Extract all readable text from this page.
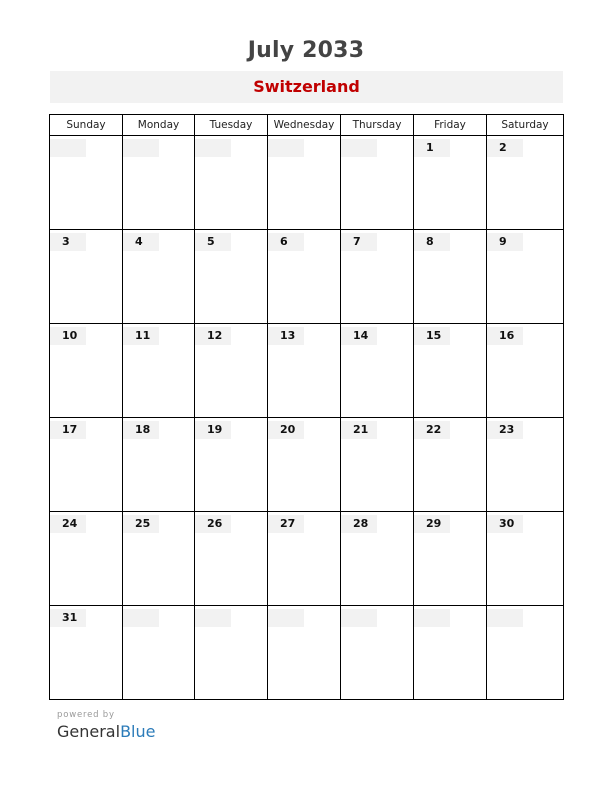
July 2033
Switzerland
Sunday	Monday	Tuesday	Wednesday	Thursday	Friday	Saturday

					1	2

3	4	5	6	7	8	9

10	11	12	13	14	15	16

17	18	19	20	21	22	23

24	25	26	27	28	29	30

31						

powered by
GeneralBlue
